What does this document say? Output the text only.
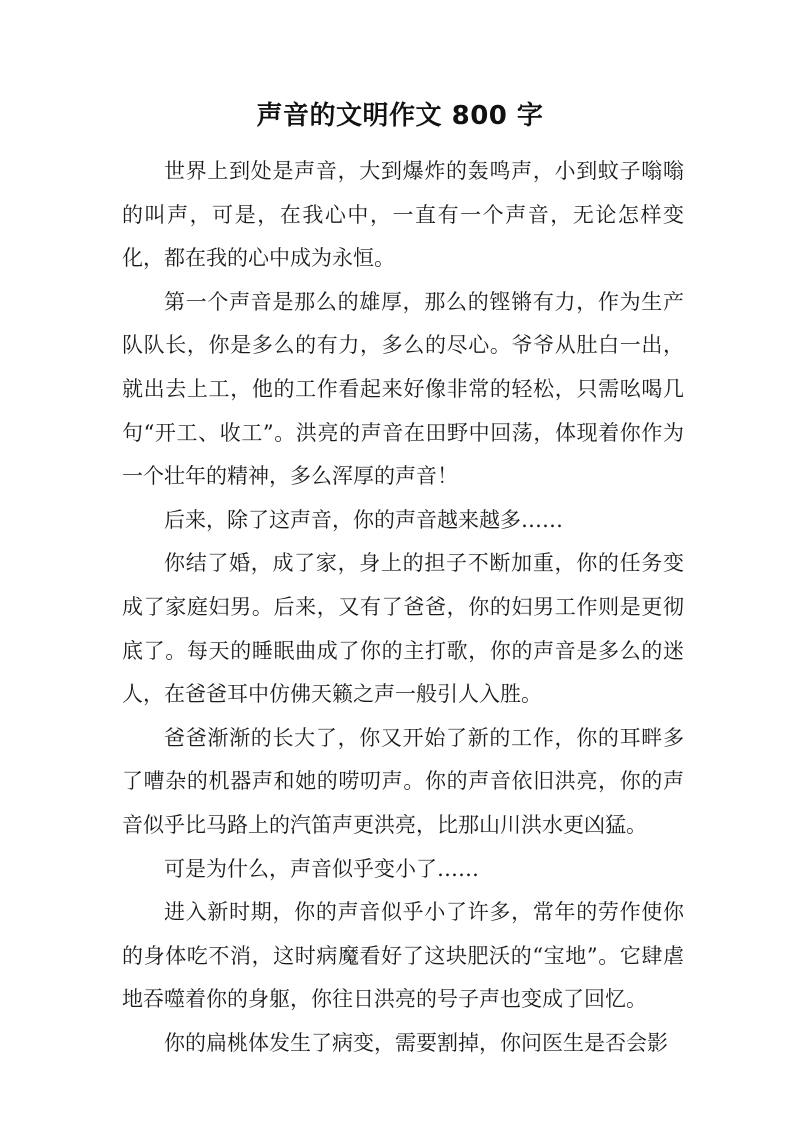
声音的文明作文 800 字

世界上到处是声音，大到爆炸的轰鸣声，小到蚊子嗡嗡的叫声，可是，在我心中，一直有一个声音，无论怎样变化，都在我的心中成为永恒。

第一个声音是那么的雄厚，那么的铿锵有力，作为生产队队长，你是多么的有力，多么的尽心。爷爷从肚白一出，就出去上工，他的工作看起来好像非常的轻松，只需吆喝几句“开工、收工”。洪亮的声音在田野中回荡，体现着你作为一个壮年的精神，多么浑厚的声音！

后来，除了这声音，你的声音越来越多……

你结了婚，成了家，身上的担子不断加重，你的任务变成了家庭妇男。后来，又有了爸爸，你的妇男工作则是更彻底了。每天的睡眠曲成了你的主打歌，你的声音是多么的迷人，在爸爸耳中仿佛天籁之声一般引人入胜。

爸爸渐渐的长大了，你又开始了新的工作，你的耳畔多了嘈杂的机器声和她的唠叨声。你的声音依旧洪亮，你的声音似乎比马路上的汽笛声更洪亮，比那山川洪水更凶猛。

可是为什么，声音似乎变小了……

进入新时期，你的声音似乎小了许多，常年的劳作使你的身体吃不消，这时病魔看好了这块肥沃的“宝地”。它肆虐地吞噬着你的身躯，你往日洪亮的号子声也变成了回忆。

你的扁桃体发生了病变，需要割掉，你问医生是否会影
